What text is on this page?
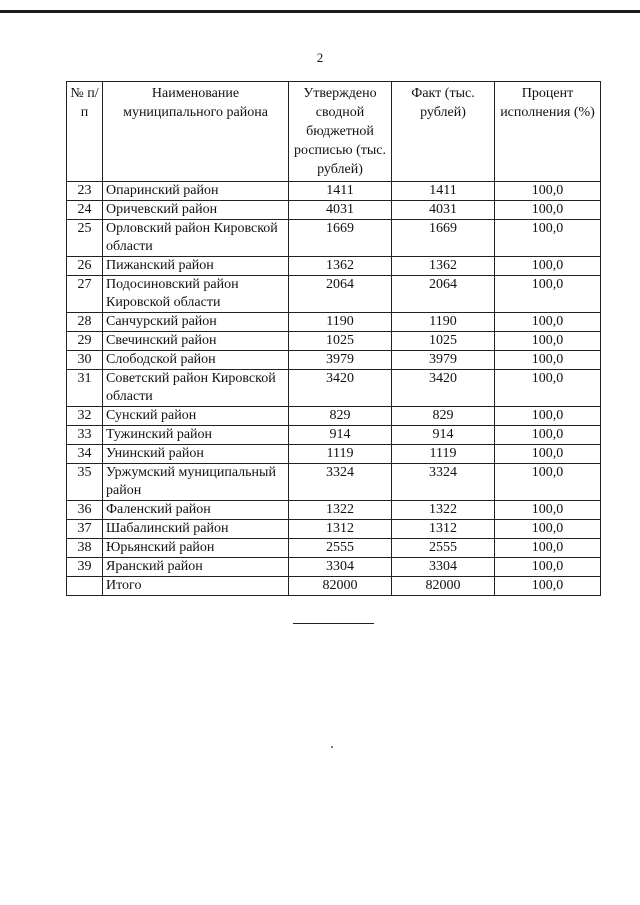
2
№ п/п	Наименование муниципального района	Утверждено сводной бюджетной росписью (тыс. рублей)	Факт (тыс. рублей)	Процент исполнения (%)
23	Опаринский район	1411	1411	100,0
24	Оричевский район	4031	4031	100,0
25	Орловский район Кировской области	1669	1669	100,0
26	Пижанский район	1362	1362	100,0
27	Подосиновский район Кировской области	2064	2064	100,0
28	Санчурский район	1190	1190	100,0
29	Свечинский район	1025	1025	100,0
30	Слободской район	3979	3979	100,0
31	Советский район Кировской области	3420	3420	100,0
32	Сунский район	829	829	100,0
33	Тужинский район	914	914	100,0
34	Унинский район	1119	1119	100,0
35	Уржумский муниципальный район	3324	3324	100,0
36	Фаленский район	1322	1322	100,0
37	Шабалинский район	1312	1312	100,0
38	Юрьянский район	2555	2555	100,0
39	Яранский район	3304	3304	100,0
	Итого	82000	82000	100,0
